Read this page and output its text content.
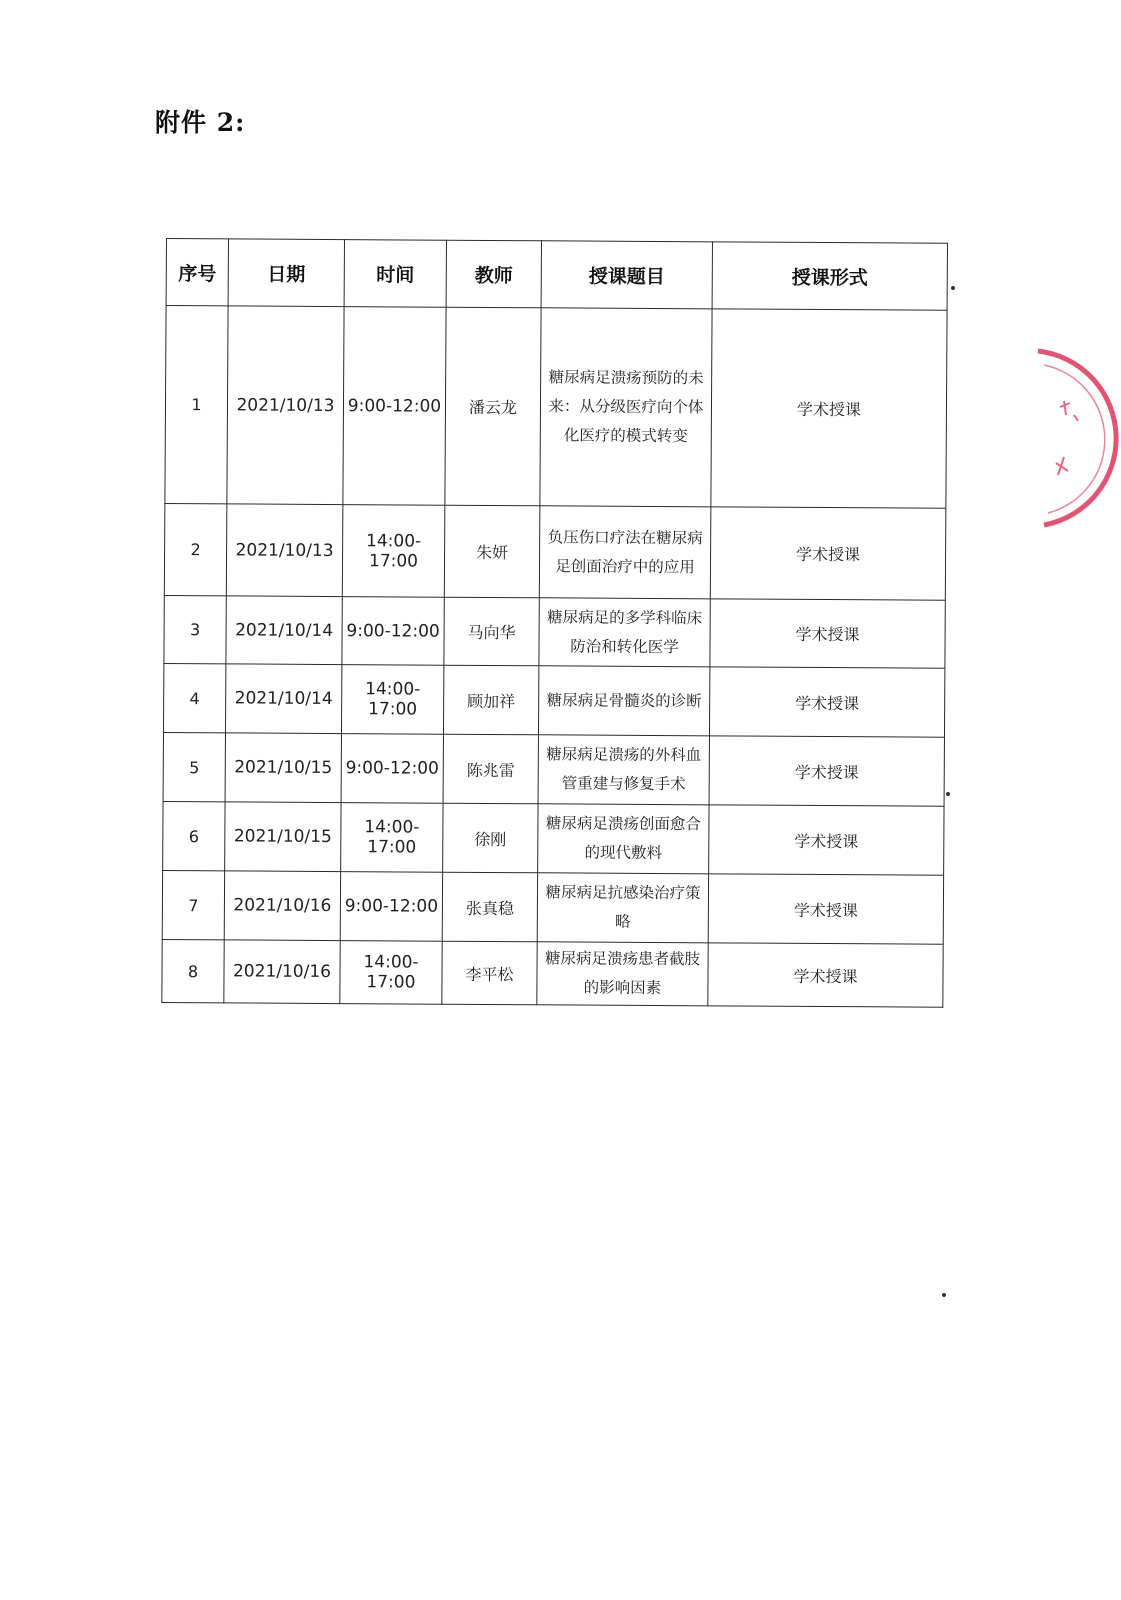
附件 2:
序号	日期	时间	教师	授课题目	授课形式
1	2021/10/13	9:00-12:00	潘云龙	糖尿病足溃疡预防的未来：从分级医疗向个体化医疗的模式转变	学术授课
2	2021/10/13	14:00-17:00	朱妍	负压伤口疗法在糖尿病足创面治疗中的应用	学术授课
3	2021/10/14	9:00-12:00	马向华	糖尿病足的多学科临床防治和转化医学	学术授课
4	2021/10/14	14:00-17:00	顾加祥	糖尿病足骨髓炎的诊断	学术授课
5	2021/10/15	9:00-12:00	陈兆雷	糖尿病足溃疡的外科血管重建与修复手术	学术授课
6	2021/10/15	14:00-17:00	徐刚	糖尿病足溃疡创面愈合的现代敷料	学术授课
7	2021/10/16	9:00-12:00	张真稳	糖尿病足抗感染治疗策略	学术授课
8	2021/10/16	14:00-17:00	李平松	糖尿病足溃疡患者截肢的影响因素	学术授课
